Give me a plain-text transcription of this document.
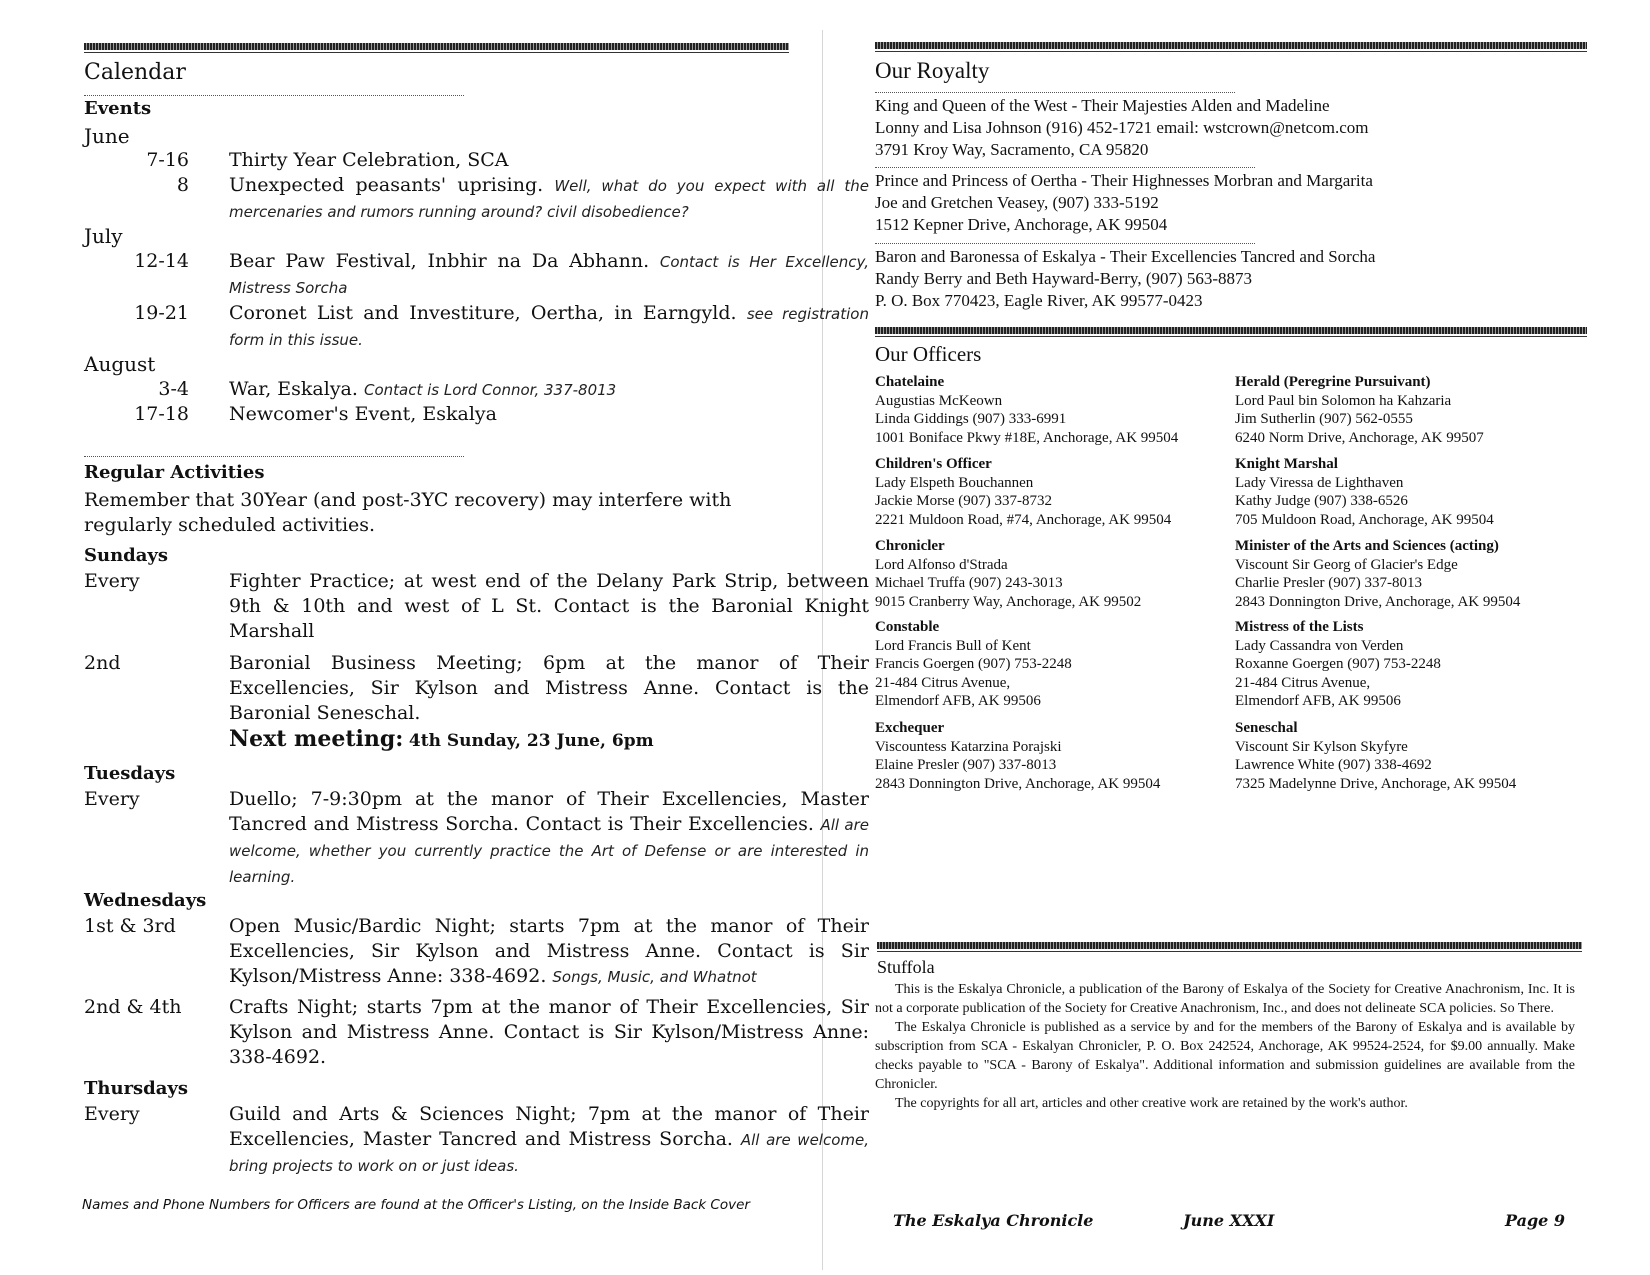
Calendar
Events
June
7-16 Thirty Year Celebration, SCA
8 Unexpected peasants' uprising. Well, what do you expect with all the mercenaries and rumors running around? civil disobedience?
July
12-14 Bear Paw Festival, Inbhir na Da Abhann. Contact is Her Excellency, Mistress Sorcha
19-21 Coronet List and Investiture, Oertha, in Earngyld. see registration form in this issue.
August
3-4 War, Eskalya. Contact is Lord Connor, 337-8013
17-18 Newcomer's Event, Eskalya
Regular Activities
Remember that 30Year (and post-3YC recovery) may interfere with regularly scheduled activities.
Sundays
Every	Fighter Practice; at west end of the Delany Park Strip, between 9th & 10th and west of L St. Contact is the Baronial Knight Marshall
2nd	Baronial Business Meeting; 6pm at the manor of Their Excellencies, Sir Kylson and Mistress Anne. Contact is the Baronial Seneschal.
Next meeting: 4th Sunday, 23 June, 6pm
Tuesdays
Every	Duello; 7-9:30pm at the manor of Their Excellencies, Master Tancred and Mistress Sorcha. Contact is Their Excellencies. All are welcome, whether you currently practice the Art of Defense or are interested in learning.
Wednesdays
1st & 3rd	Open Music/Bardic Night; starts 7pm at the manor of Their Excellencies, Sir Kylson and Mistress Anne. Contact is Sir Kylson/Mistress Anne: 338-4692. Songs, Music, and Whatnot
2nd & 4th	Crafts Night; starts 7pm at the manor of Their Excellencies, Sir Kylson and Mistress Anne. Contact is Sir Kylson/Mistress Anne: 338-4692.
Thursdays
Every	Guild and Arts & Sciences Night; 7pm at the manor of Their Excellencies, Master Tancred and Mistress Sorcha. All are welcome, bring projects to work on or just ideas.
Names and Phone Numbers for Officers are found at the Officer's Listing, on the Inside Back Cover
Our Royalty
King and Queen of the West - Their Majesties Alden and Madeline
Lonny and Lisa Johnson (916) 452-1721 email: wstcrown@netcom.com
3791 Kroy Way, Sacramento, CA 95820
Prince and Princess of Oertha - Their Highnesses Morbran and Margarita
Joe and Gretchen Veasey, (907) 333-5192
1512 Kepner Drive, Anchorage, AK 99504
Baron and Baronessa of Eskalya - Their Excellencies Tancred and Sorcha
Randy Berry and Beth Hayward-Berry, (907) 563-8873
P. O. Box 770423, Eagle River, AK 99577-0423
Our Officers
Chatelaine
Augustias McKeown
Linda Giddings (907) 333-6991
1001 Boniface Pkwy #18E, Anchorage, AK 99504
Children's Officer
Lady Elspeth Bouchannen
Jackie Morse (907) 337-8732
2221 Muldoon Road, #74, Anchorage, AK 99504
Chronicler
Lord Alfonso d'Strada
Michael Truffa (907) 243-3013
9015 Cranberry Way, Anchorage, AK 99502
Constable
Lord Francis Bull of Kent
Francis Goergen (907) 753-2248
21-484 Citrus Avenue,
Elmendorf AFB, AK 99506
Exchequer
Viscountess Katarzina Porajski
Elaine Presler (907) 337-8013
2843 Donnington Drive, Anchorage, AK 99504
Herald (Peregrine Pursuivant)
Lord Paul bin Solomon ha Kahzaria
Jim Sutherlin (907) 562-0555
6240 Norm Drive, Anchorage, AK 99507
Knight Marshal
Lady Viressa de Lighthaven
Kathy Judge (907) 338-6526
705 Muldoon Road, Anchorage, AK 99504
Minister of the Arts and Sciences (acting)
Viscount Sir Georg of Glacier's Edge
Charlie Presler (907) 337-8013
2843 Donnington Drive, Anchorage, AK 99504
Mistress of the Lists
Lady Cassandra von Verden
Roxanne Goergen (907) 753-2248
21-484 Citrus Avenue,
Elmendorf AFB, AK 99506
Seneschal
Viscount Sir Kylson Skyfyre
Lawrence White (907) 338-4692
7325 Madelynne Drive, Anchorage, AK 99504
Stuffola

This is the Eskalya Chronicle, a publication of the Barony of Eskalya of the Society for Creative Anachronism, Inc. It is not a corporate publication of the Society for Creative Anachronism, Inc., and does not delineate SCA policies. So There.

The Eskalya Chronicle is published as a service by and for the members of the Barony of Eskalya and is available by subscription from SCA - Eskalyan Chronicler, P. O. Box 242524, Anchorage, AK 99524-2524, for $9.00 annually. Make checks payable to "SCA - Barony of Eskalya". Additional information and submission guidelines are available from the Chronicler.

The copyrights for all art, articles and other creative work are retained by the work's author.

The Eskalya Chronicle	June XXXI	Page 9
